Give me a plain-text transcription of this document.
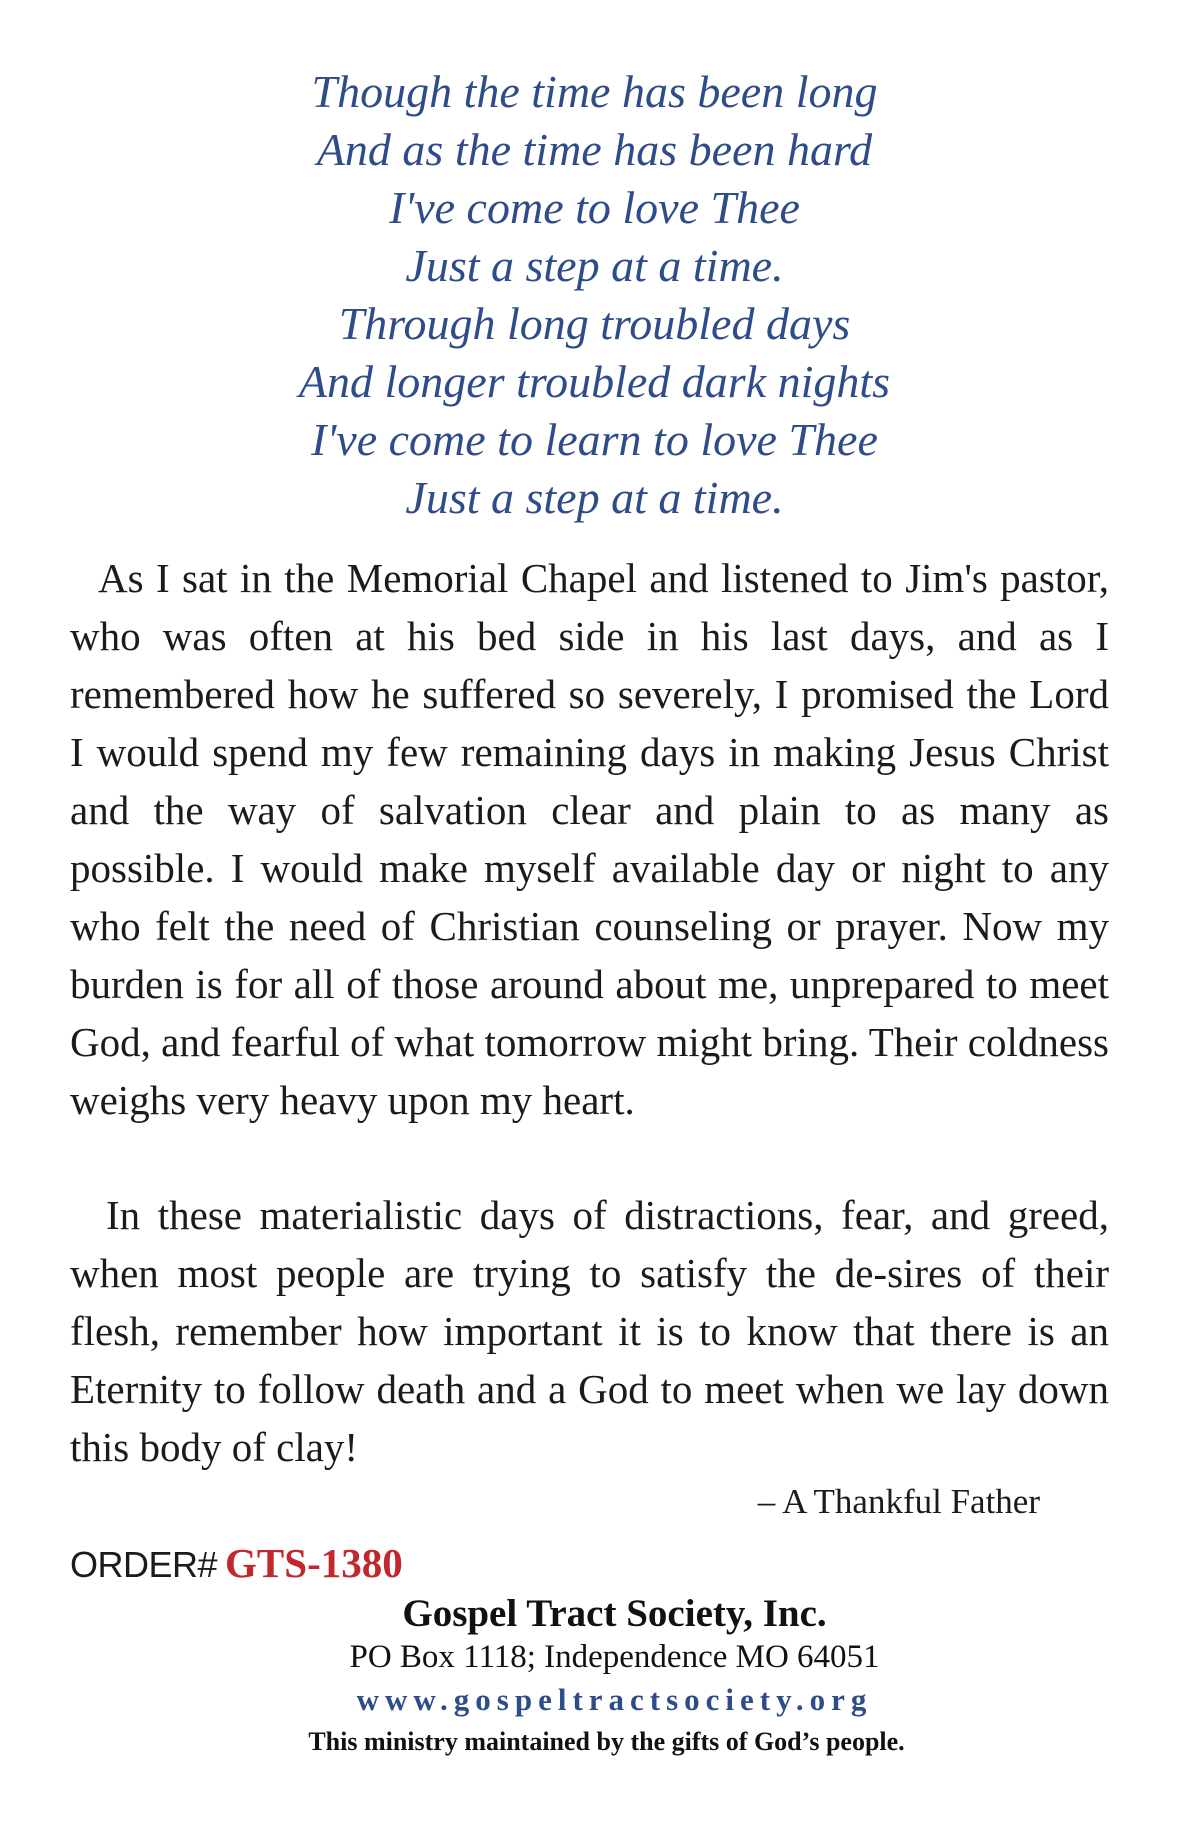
Though the time has been long
And as the time has been hard
I've come to love Thee
Just a step at a time.
Through long troubled days
And longer troubled dark nights
I've come to learn to love Thee
Just a step at a time.

As I sat in the Memorial Chapel and listened to Jim's pastor, who was often at his bed side in his last days, and as I remembered how he suffered so severely, I promised the Lord I would spend my few remaining days in making Jesus Christ and the way of salvation clear and plain to as many as possible. I would make myself available day or night to any who felt the need of Christian counseling or prayer. Now my burden is for all of those around about me, unprepared to meet God, and fearful of what tomorrow might bring. Their coldness weighs very heavy upon my heart.

In these materialistic days of distractions, fear, and greed, when most people are trying to satisfy the de-sires of their flesh, remember how important it is to know that there is an Eternity to follow death and a God to meet when we lay down this body of clay!

– A Thankful Father
ORDER# GTS-1380
Gospel Tract Society, Inc.
PO Box 1118; Independence MO 64051
www.gospeltractsociety.org
This ministry maintained by the gifts of God’s people.
